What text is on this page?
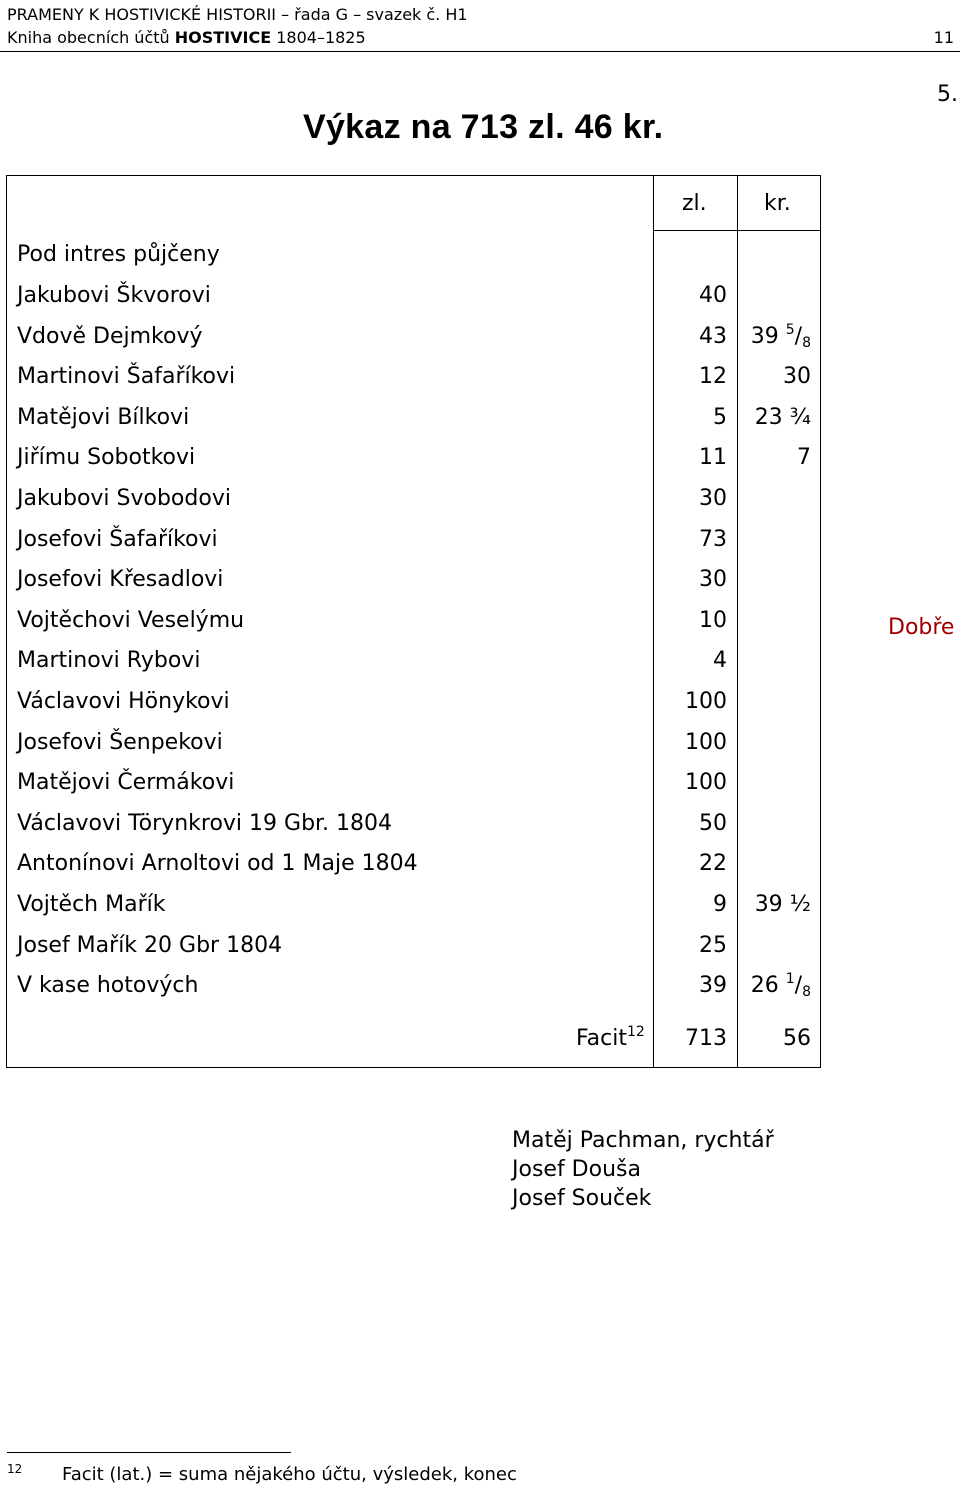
PRAMENY K HOSTIVICKÉ HISTORII – řada G – svazek č. H1
Kniha obecních účtů HOSTIVICE 1804–1825	11
5.
Výkaz na 713 zl. 46 kr.
zl.	kr.
Pod intres půjčeny
Jakubovi Škvorovi	40
Vdově Dejmkový	43	39 $^5/_8$
Martinovi Šafaříkovi	12	30
Matějovi Bílkovi	5	23 ¾
Jiřímu Sobotkovi	11	7
Jakubovi Svobodovi	30
Josefovi Šafaříkovi	73
Josefovi Křesadlovi	30
Vojtěchovi Veselýmu	10
Martinovi Rybovi	4
Václavovi Hönykovi	100
Josefovi Šenpekovi	100
Matějovi Čermákovi	100
Václavovi Törynkrovi 19 Gbr. 1804	50
Antonínovi Arnoltovi od 1 Maje 1804	22
Vojtěch Mařík	9	39 ½
Josef Mařík 20 Gbr 1804	25
V kase hotových	39	26 $^1/_8$
Dobře
Facit$^{12}$	713	56
Matěj Pachman, rychtář
Josef Douša
Josef Souček
12 Facit (lat.) = suma nějakého účtu, výsledek, konec
